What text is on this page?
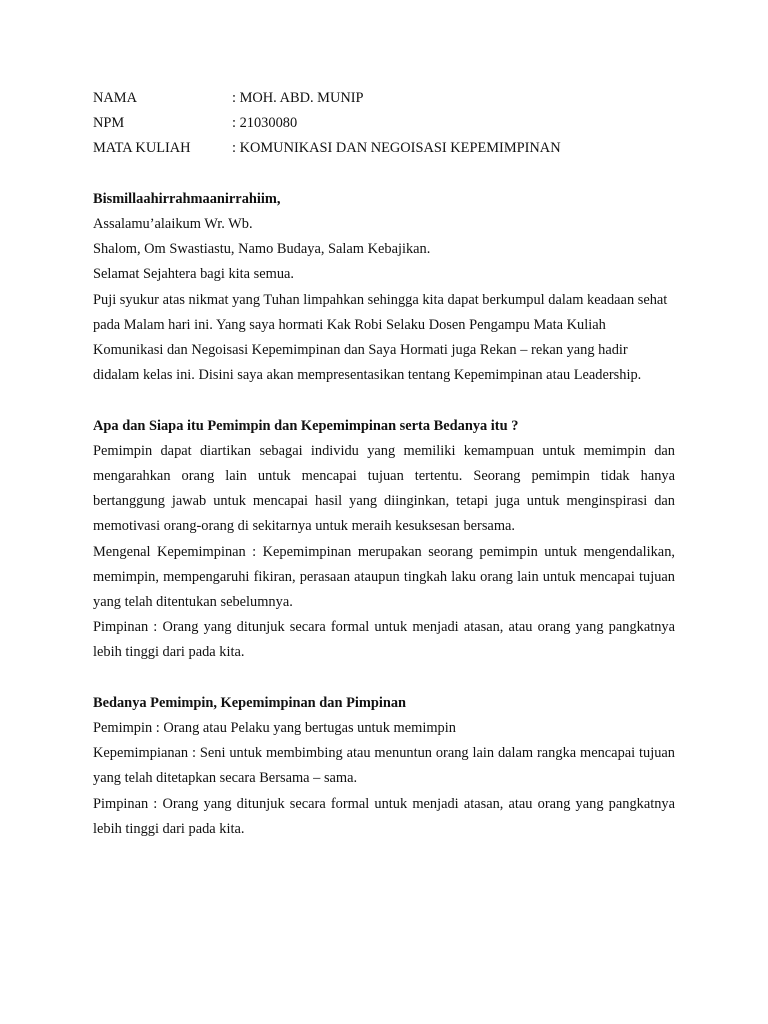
NAMA	: MOH. ABD. MUNIP
NPM	: 21030080
MATA KULIAH	: KOMUNIKASI DAN NEGOISASI KEPEMIMPINAN

Bismillaahirrahmaanirrahiim,

Assalamu’alaikum Wr. Wb.

Shalom, Om Swastiastu, Namo Budaya, Salam Kebajikan.

Selamat Sejahtera bagi kita semua.

Puji syukur atas nikmat yang Tuhan limpahkan sehingga kita dapat berkumpul dalam keadaan sehat pada Malam hari ini. Yang saya hormati Kak Robi Selaku Dosen Pengampu Mata Kuliah Komunikasi dan Negoisasi Kepemimpinan dan Saya Hormati juga Rekan – rekan yang hadir didalam kelas ini. Disini saya akan mempresentasikan tentang Kepemimpinan atau Leadership.

Apa dan Siapa itu Pemimpin dan Kepemimpinan serta Bedanya itu ?

Pemimpin dapat diartikan sebagai individu yang memiliki kemampuan untuk memimpin dan mengarahkan orang lain untuk mencapai tujuan tertentu. Seorang pemimpin tidak hanya bertanggung jawab untuk mencapai hasil yang diinginkan, tetapi juga untuk menginspirasi dan memotivasi orang-orang di sekitarnya untuk meraih kesuksesan bersama.

Mengenal Kepemimpinan : Kepemimpinan merupakan seorang pemimpin untuk mengendalikan, memimpin, mempengaruhi fikiran, perasaan ataupun tingkah laku orang lain untuk mencapai tujuan yang telah ditentukan sebelumnya.

Pimpinan : Orang yang ditunjuk secara formal untuk menjadi atasan, atau orang yang pangkatnya lebih tinggi dari pada kita.

Bedanya Pemimpin, Kepemimpinan dan Pimpinan

Pemimpin : Orang atau Pelaku yang bertugas untuk memimpin

Kepemimpianan : Seni untuk membimbing atau menuntun orang lain dalam rangka mencapai tujuan yang telah ditetapkan secara Bersama – sama.

Pimpinan : Orang yang ditunjuk secara formal untuk menjadi atasan, atau orang yang pangkatnya lebih tinggi dari pada kita.
